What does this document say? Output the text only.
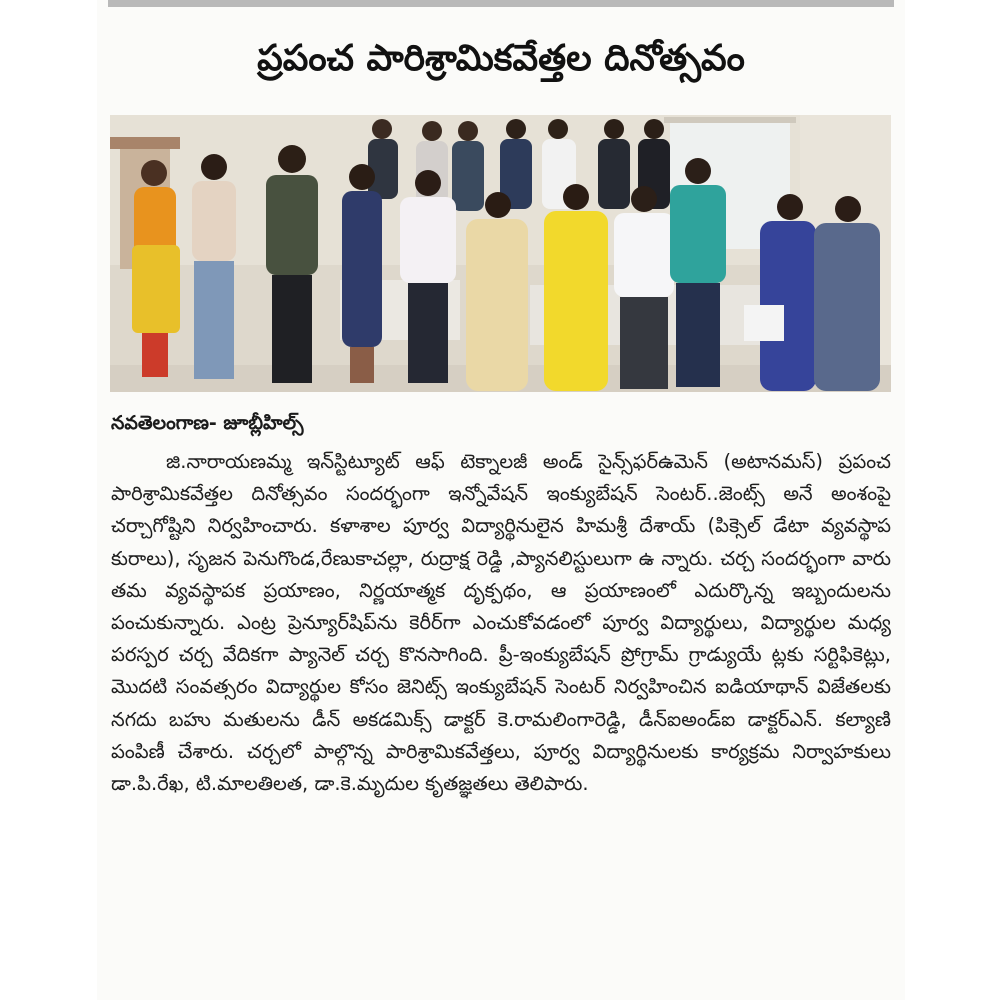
ప్రపంచ పారిశ్రామికవేత్తల దినోత్సవం
నవతెలంగాణ- జూబ్లీహిల్స్
జి.నారాయణమ్మ ఇన్‌స్టిట్యూట్ ఆఫ్ టెక్నాలజీ అండ్ సైన్స్‌ఫర్‌ఉమెన్ (అటానమస్) ప్రపంచ పారిశ్రామికవేత్తల దినోత్సవం సందర్భంగా ఇన్నోవేషన్ ఇంక్యుబేషన్ సెంటర్..జెంట్స్ అనే అంశంపై చర్చాగోష్టిని నిర్వహించారు. కళాశాల పూర్వ విద్యార్థినులైన హిమశ్రీ దేశాయ్ (పిక్సెల్ డేటా వ్యవస్థాప కురాలు), సృజన పెనుగొండ,రేణుకాచల్లా, రుద్రాక్ష రెడ్డి ,ప్యానలిస్టులుగా ఉ న్నారు. చర్చ సందర్భంగా వారు తమ వ్యవస్థాపక ప్రయాణం, నిర్ణయాత్మక దృక్పథం, ఆ ప్రయాణంలో ఎదుర్కొన్న ఇబ్బందులను పంచుకున్నారు. ఎంట్ర ప్రెన్యూర్‌షిప్‌ను కెరీర్‌గా ఎంచుకోవడంలో పూర్వ విద్యార్థులు, విద్యార్థుల మధ్య పరస్పర చర్చ వేదికగా ప్యానెల్ చర్చ కొనసాగింది. ప్రీ-ఇంక్యుబేషన్ ప్రోగ్రామ్ గ్రాడ్యుయే ట్లకు సర్టిఫికెట్లు, మొదటి సంవత్సరం విద్యార్థుల కోసం జెనిట్స్ ఇంక్యుబేషన్ సెంటర్ నిర్వహించిన ఐడియాథాన్ విజేతలకు నగదు బహు మతులను డీన్ అకడమిక్స్ డాక్టర్ కె.రామలింగారెడ్డి, డీన్‌ఐఅండ్‌ఐ డాక్టర్‌ఎన్. కల్యాణి పంపిణీ చేశారు. చర్చలో పాల్గొన్న పారిశ్రామికవేత్తలు, పూర్వ విద్యార్థినులకు కార్యక్రమ నిర్వాహకులు డా.పి.రేఖ, టి.మాలతిలత, డా.కె.మృదుల కృతజ్ఞతలు తెలిపారు.
